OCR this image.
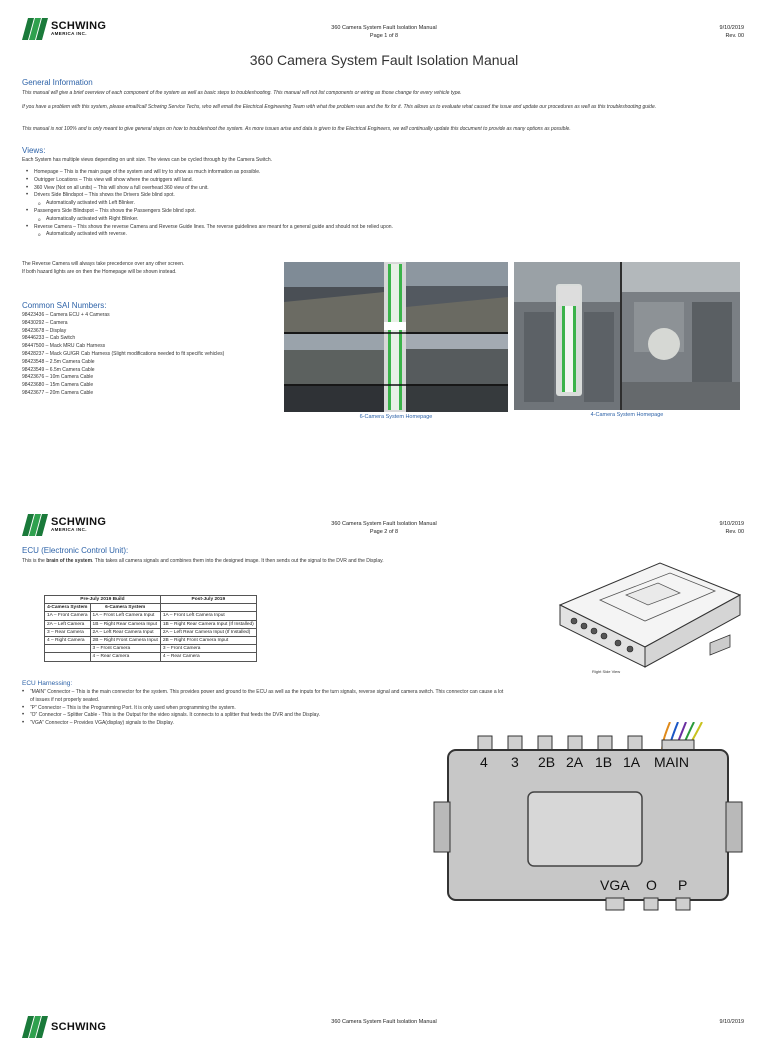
SCHWING
AMERICA INC.
360 Camera System Fault Isolation Manual
Page 1 of 8
9/10/2019
Rev. 00
360 Camera System Fault Isolation Manual
General Information
This manual will give a brief overview of each component of the system as well as basic steps to troubleshooting. This manual will not list components or wiring as those change for every vehicle type.
If you have a problem with this system, please email/call Schwing Service Techs, who will email the Electrical Engineering Team with what the problem was and the fix for it. This allows us to evaluate what caused the issue and update our procedures as well as this troubleshooting guide.
This manual is not 100% and is only meant to give general steps on how to troubleshoot the system. As more issues arise and data is given to the Electrical Engineers, we will continually update this document to provide as many options as possible.
Views:
Each System has multiple views depending on unit size. The views can be cycled through by the Camera Switch.
• Homepage – This is the main page of the system and will try to show as much information as possible.
• Outrigger Locations – This view will show where the outriggers will land.
• 360 View (Not on all units) – This will show a full overhead 360 view of the unit.
• Drivers Side Blindspot – This shows the Drivers Side blind spot.
o Automatically activated with Left Blinker.
• Passengers Side Blindspot – This shows the Passengers Side blind spot.
o Automatically activated with Right Blinker.
• Reverse Camera – This shows the reverse Camera and Reverse Guide lines. The reverse guidelines are meant for a general guide and should not be relied upon.
o Automatically activated with reverse.
The Reverse Camera will always take precedence over any other screen.
If both hazard lights are on then the Homepage will be shown instead.
Common SAI Numbers:
98423436 – Camera ECU + 4 Cameras
98430292 – Camera
98423678 – Display
98446233 – Cab Switch
98447500 – Mack MRU Cab Harness
98428237 – Mack GU/GR Cab Harness (Slight modifications needed to fit specific vehicles)
98423548 – 2.5m Camera Cable
98423549 – 6.5m Camera Cable
98423676 – 10m Camera Cable
98423680 – 15m Camera Cable
98423677 – 20m Camera Cable
6-Camera System Homepage	4-Camera System Homepage
SCHWING
AMERICA INC.
360 Camera System Fault Isolation Manual
Page 2 of 8
9/10/2019
Rev. 00
ECU (Electronic Control Unit):
This is the brain of the system. This takes all camera signals and combines them into the designed image. It then sends out the signal to the DVR and the Display.
Pre-July 2019 Build		Post-July 2019
4-Camera System	6-Camera System	
1A – Front Camera	1A – Front Left Camera Input	1A – Front Left Camera Input
2A – Left Camera	1B – Right Rear Camera Input	1B – Right Rear Camera Input (If Installed)
3 – Rear Camera	2A – Left Rear Camera Input	2A – Left Rear Camera Input (If Installed)
4 – Right Camera	2B – Right Front Camera Input	2B – Right Front Camera Input
	3 – Front Camera	3 – Front Camera
	4 – Rear Camera	4 – Rear Camera
Right Side View
ECU Harnessing:
• “MAIN” Connector – This is the main connector for the system. This provides power and ground to the ECU as well as the inputs for the turn signals, reverse signal and camera switch. This connector can cause a lot of issues if not properly seated.
• “P” Connector – This is the Programming Port. It is only used when programming the system.
• “O” Connector – Splitter Cable - This is the Output for the video signals. It connects to a splitter that feeds the DVR and the Display.
• “VGA” Connector – Provides VGA(display) signals to the Display.
4 3 2B 2A 1B 1A MAIN
VGA O P
SCHWING	360 Camera System Fault Isolation Manual	9/10/2019
